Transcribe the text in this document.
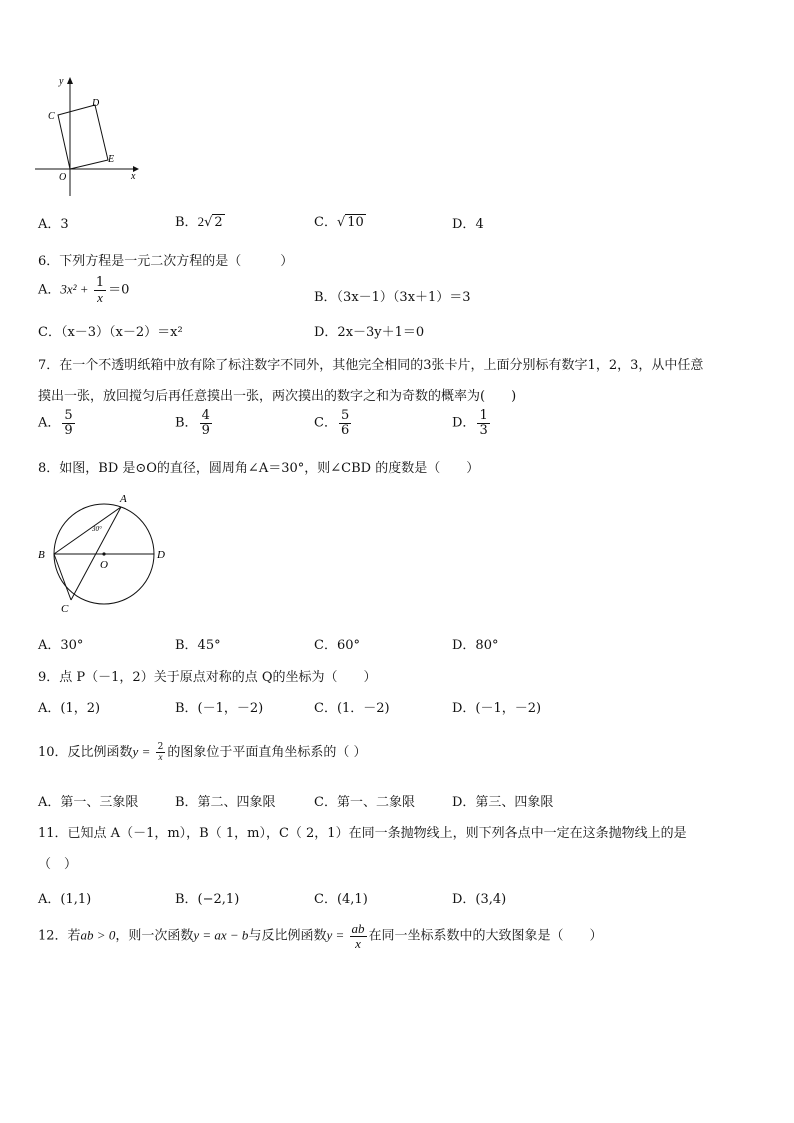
y
C
D
E
O	x
A．3	B．2√ 2	C．√ 10	D．4
6．下列方程是一元二次方程的是（　　　）
A．$3x^2 + \frac{1}{x} =0$	B．（3x－1）（3x＋1）＝3
C．（x－3）（x－2）＝x²	D．2x－3y＋1＝0
7．在一个不透明纸箱中放有除了标注数字不同外，其他完全相同的3张卡片，上面分别标有数字1，2，3，从中任意
摸出一张，放回搅匀后再任意摸出一张，两次摸出的数字之和为奇数的概率为(　　)
A． $\frac{5}{9}$	B． $\frac{4}{9}$	C． $\frac{5}{6}$	D． $\frac{1}{3}$
8．如图，BD 是⊙O的直径，圆周角∠A＝30°，则∠CBD 的度数是（　　）
A
30°
B	D
O
C
A．30°	B．45°	C．60°	D．80°
9．点 P（－1，2）关于原点对称的点 Q的坐标为（　　）
A．(1，2)	B．(－1，－2)	C．(1．－2)	D．(－1，－2)
10．反比例函数$y = \frac{2}{x}$ 的图象位于平面直角坐标系的（ ）
A．第一、三象限	B．第二、四象限	C．第一、二象限	D．第三、四象限
11．已知点 A（－1，m），B（ 1，m），C（ 2，1）在同一条抛物线上，则下列各点中一定在这条抛物线上的是
（　）
A．(1,1)	B．(−2,1)	C．(4,1)	D．(3,4)
12．若ab > 0，则一次函数y = ax − b与反比例函数$y = \frac{ab}{x}$ 在同一坐标系数中的大致图象是（　　）
